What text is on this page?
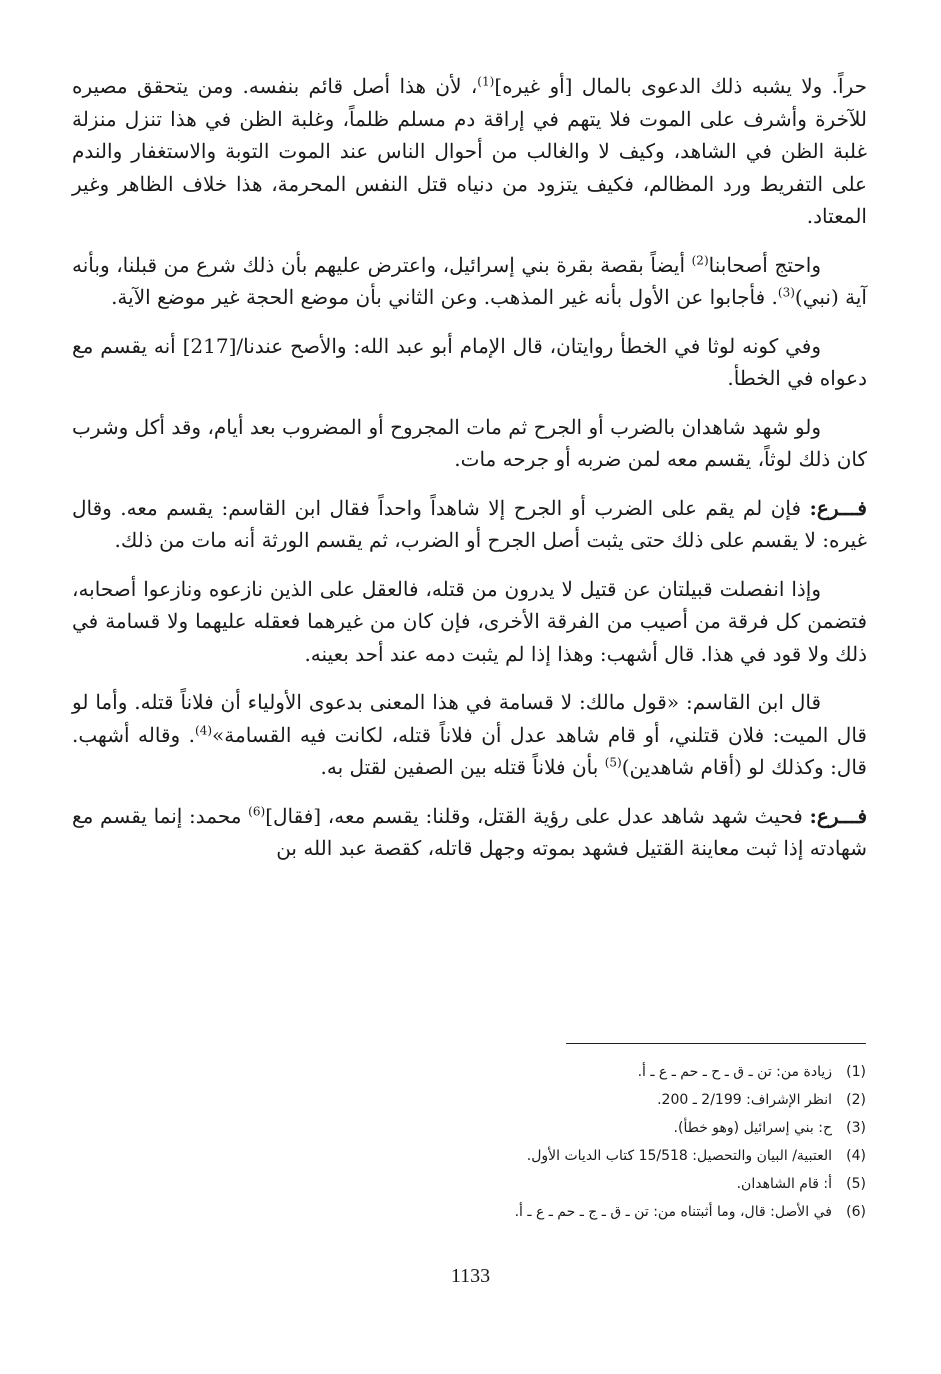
حراً. ولا يشبه ذلك الدعوى بالمال [أو غيره]$^{(1)}$، لأن هذا أصل قائم بنفسه. ومن يتحقق مصيره للآخرة وأشرف على الموت فلا يتهم في إراقة دم مسلم ظلماً، وغلبة الظن في هذا تنزل منزلة غلبة الظن في الشاهد، وكيف لا والغالب من أحوال الناس عند الموت التوبة والاستغفار والندم على التفريط ورد المظالم، فكيف يتزود من دنياه قتل النفس المحرمة، هذا خلاف الظاهر وغير المعتاد.

واحتج أصحابنا$^{(2)}$ أيضاً بقصة بقرة بني إسرائيل، واعترض عليهم بأن ذلك شرع من قبلنا، وبأنه آية (نبي)$^{(3)}$. فأجابوا عن الأول بأنه غير المذهب. وعن الثاني بأن موضع الحجة غير موضع الآية.

وفي كونه لوثا في الخطأ روايتان، قال الإمام أبو عبد الله: والأصح عندنا/[217] أنه يقسم مع دعواه في الخطأ.

ولو شهد شاهدان بالضرب أو الجرح ثم مات المجروح أو المضروب بعد أيام، وقد أكل وشرب كان ذلك لوثاً، يقسم معه لمن ضربه أو جرحه مات.

فـــرع: فإن لم يقم على الضرب أو الجرح إلا شاهداً واحداً فقال ابن القاسم: يقسم معه. وقال غيره: لا يقسم على ذلك حتى يثبت أصل الجرح أو الضرب، ثم يقسم الورثة أنه مات من ذلك.

وإذا انفصلت قبيلتان عن قتيل لا يدرون من قتله، فالعقل على الذين نازعوه ونازعوا أصحابه، فتضمن كل فرقة من أصيب من الفرقة الأخرى، فإن كان من غيرهما فعقله عليهما ولا قسامة في ذلك ولا قود في هذا. قال أشهب: وهذا إذا لم يثبت دمه عند أحد بعينه.

قال ابن القاسم: «قول مالك: لا قسامة في هذا المعنى بدعوى الأولياء أن فلاناً قتله. وأما لو قال الميت: فلان قتلني، أو قام شاهد عدل أن فلاناً قتله، لكانت فيه القسامة»$^{(4)}$. وقاله أشهب. قال: وكذلك لو (أقام شاهدين)$^{(5)}$ بأن فلاناً قتله بين الصفين لقتل به.

فـــرع: فحيث شهد شاهد عدل على رؤية القتل، وقلنا: يقسم معه، [فقال]$^{(6)}$ محمد: إنما يقسم مع شهادته إذا ثبت معاينة القتيل فشهد بموته وجهل قاتله، كقصة عبد الله بن

(1)
زيادة من: تن ـ ق ـ ح ـ حم ـ ع ـ أ.
(2)
انظر الإشراف: 2/199 ـ 200.
(3)
ح: بني إسرائيل (وهو خطأ).
(4)
العتبية/ البيان والتحصيل: 15/518 كتاب الديات الأول.
(5)
أ: قام الشاهدان.
(6)
في الأصل: قال، وما أثبتناه من: تن ـ ق ـ ج ـ حم ـ ع ـ أ.
1133
